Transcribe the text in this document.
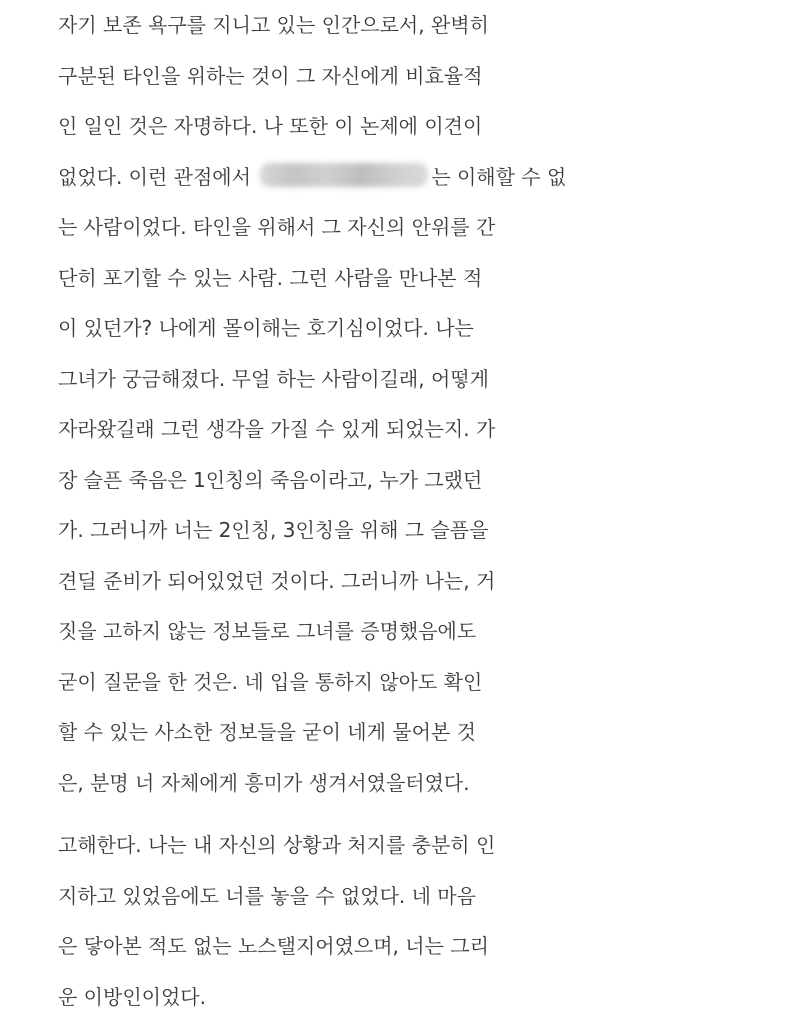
자기 보존 욕구를 지니고 있는 인간으로서, 완벽히
구분된 타인을 위하는 것이 그 자신에게 비효율적
인 일인 것은 자명하다. 나 또한 이 논제에 이견이
없었다. 이런 관점에서	는 이해할 수 없
는 사람이었다. 타인을 위해서 그 자신의 안위를 간
단히 포기할 수 있는 사람. 그런 사람을 만나본 적
이 있던가? 나에게 몰이해는 호기심이었다. 나는
그녀가 궁금해졌다. 무얼 하는 사람이길래, 어떻게
자라왔길래 그런 생각을 가질 수 있게 되었는지. 가
장 슬픈 죽음은 1인칭의 죽음이라고, 누가 그랬던
가. 그러니까 너는 2인칭, 3인칭을 위해 그 슬픔을
견딜 준비가 되어있었던 것이다. 그러니까 나는, 거
짓을 고하지 않는 정보들로 그녀를 증명했음에도
굳이 질문을 한 것은. 네 입을 통하지 않아도 확인
할 수 있는 사소한 정보들을 굳이 네게 물어본 것
은, 분명 너 자체에게 흥미가 생겨서였을터였다.
고해한다. 나는 내 자신의 상황과 처지를 충분히 인
지하고 있었음에도 너를 놓을 수 없었다. 네 마음
은 닿아본 적도 없는 노스탤지어였으며, 너는 그리
운 이방인이었다.
